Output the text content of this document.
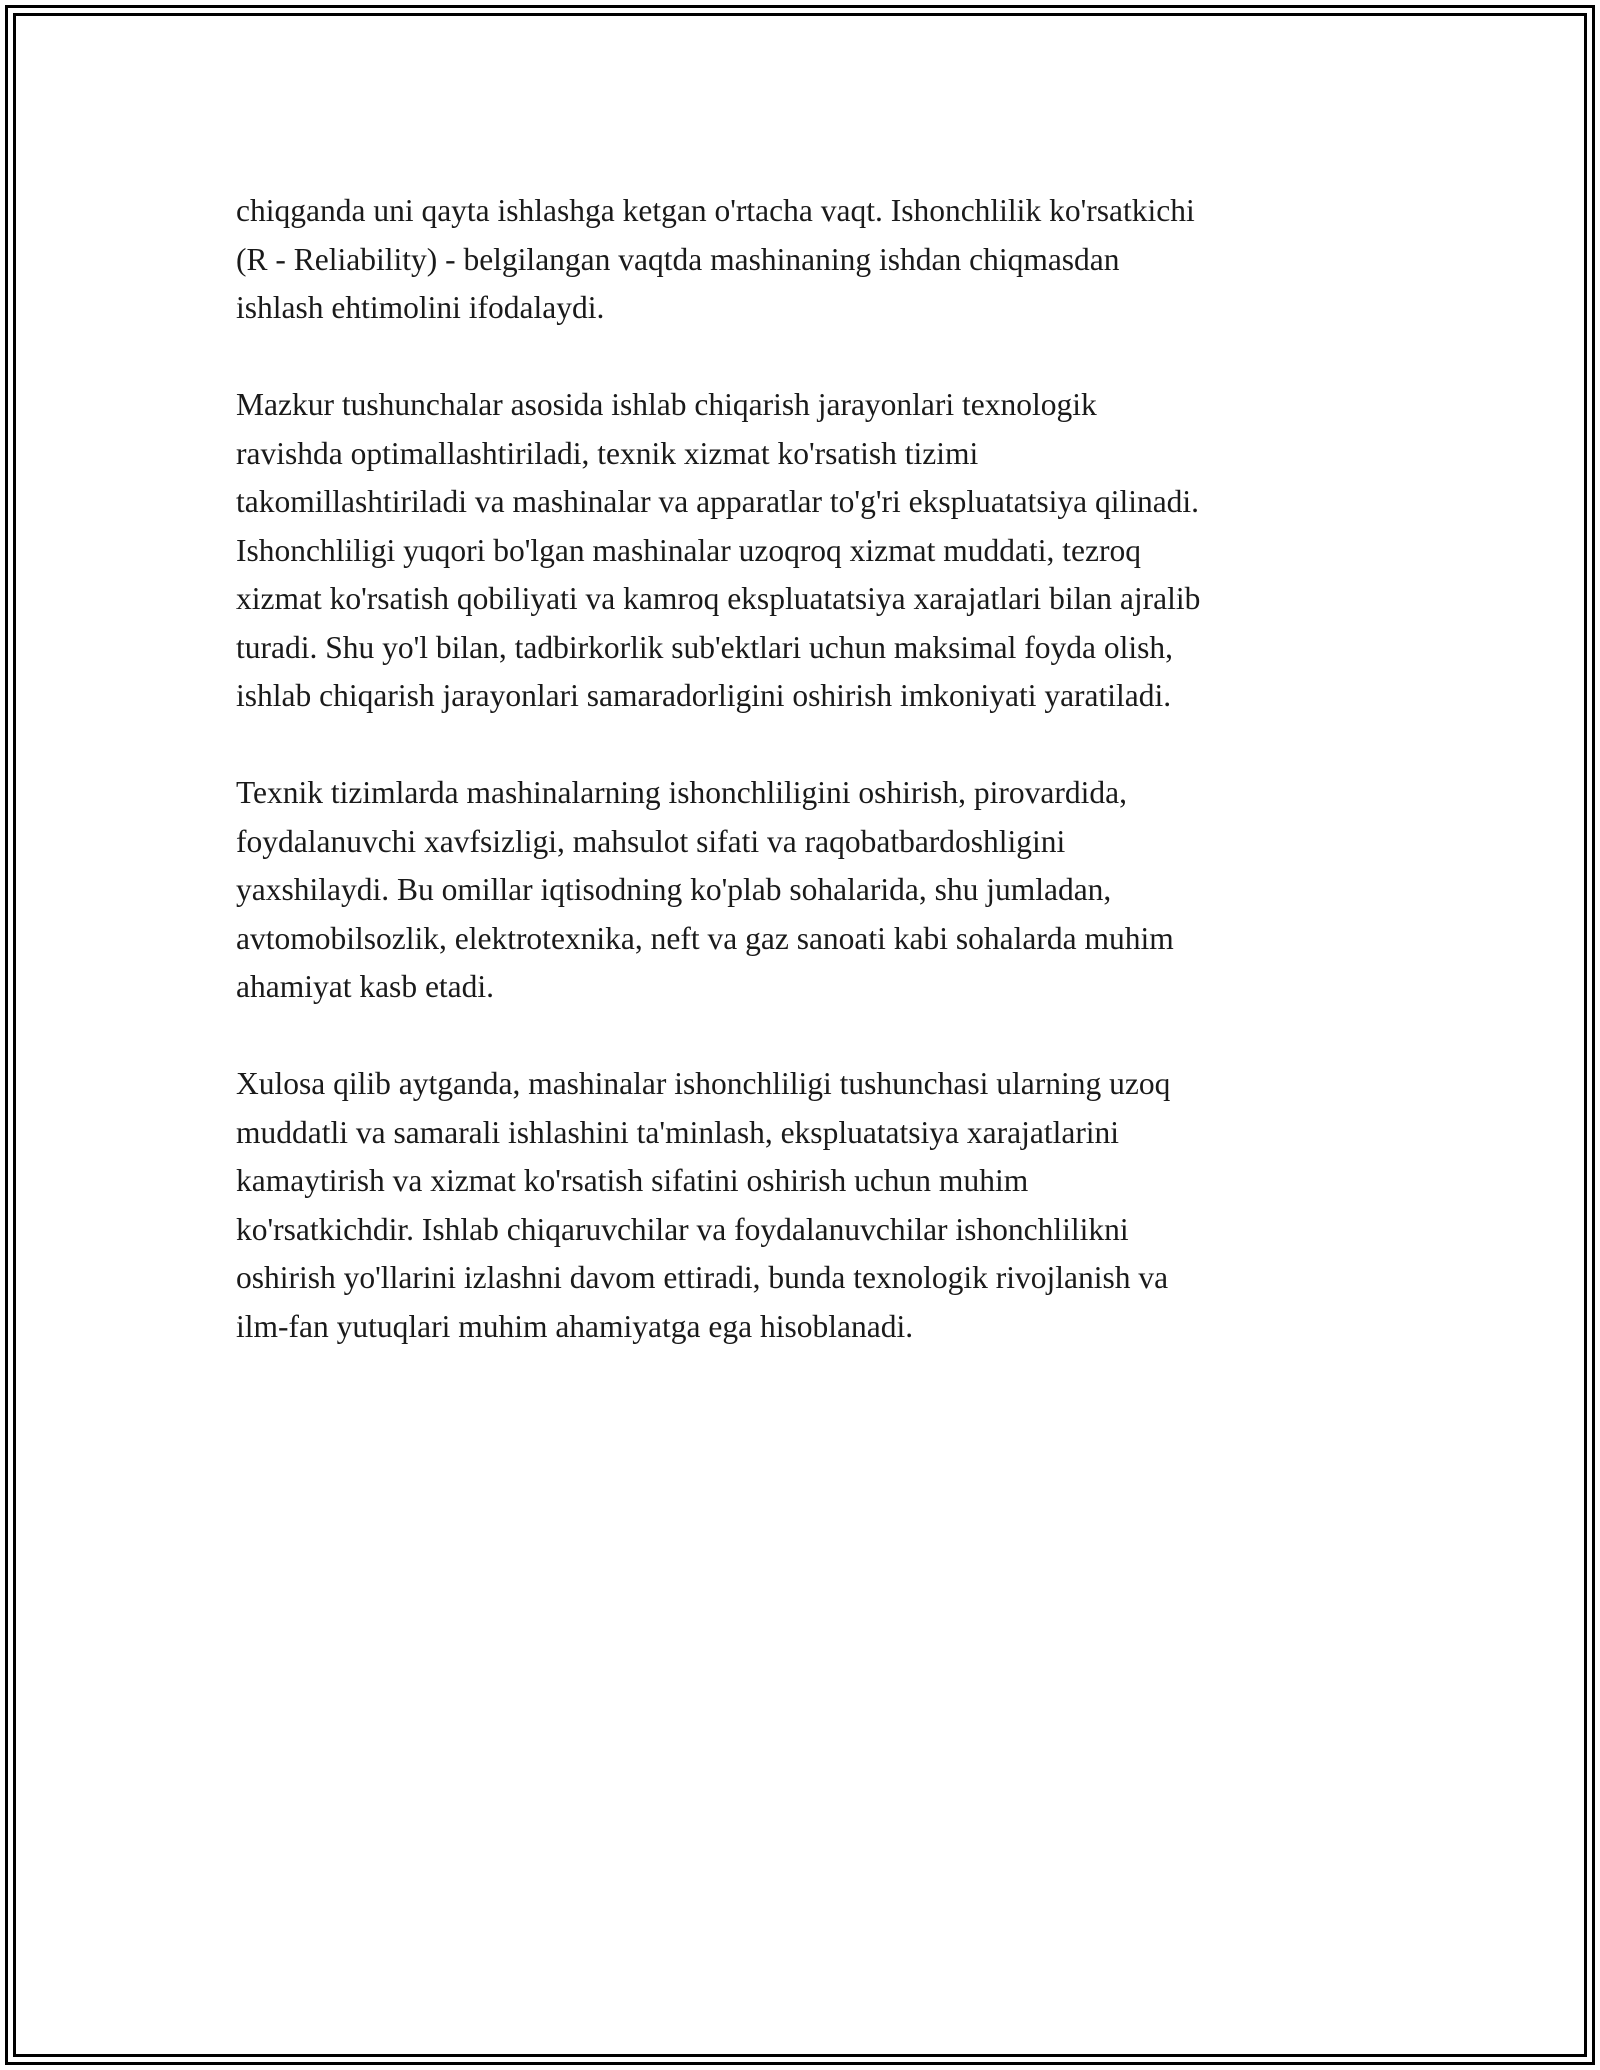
chiqganda uni qayta ishlashga ketgan o'rtacha vaqt. Ishonchlilik ko'rsatkichi
(R - Reliability) - belgilangan vaqtda mashinaning ishdan chiqmasdan
ishlash ehtimolini ifodalaydi.

Mazkur tushunchalar asosida ishlab chiqarish jarayonlari texnologik
ravishda optimallashtiriladi, texnik xizmat ko'rsatish tizimi
takomillashtiriladi va mashinalar va apparatlar to'g'ri ekspluatatsiya qilinadi.
Ishonchliligi yuqori bo'lgan mashinalar uzoqroq xizmat muddati, tezroq
xizmat ko'rsatish qobiliyati va kamroq ekspluatatsiya xarajatlari bilan ajralib
turadi. Shu yo'l bilan, tadbirkorlik sub'ektlari uchun maksimal foyda olish,
ishlab chiqarish jarayonlari samaradorligini oshirish imkoniyati yaratiladi.

Texnik tizimlarda mashinalarning ishonchliligini oshirish, pirovardida,
foydalanuvchi xavfsizligi, mahsulot sifati va raqobatbardoshligini
yaxshilaydi. Bu omillar iqtisodning ko'plab sohalarida, shu jumladan,
avtomobilsozlik, elektrotexnika, neft va gaz sanoati kabi sohalarda muhim
ahamiyat kasb etadi.

Xulosa qilib aytganda, mashinalar ishonchliligi tushunchasi ularning uzoq
muddatli va samarali ishlashini ta'minlash, ekspluatatsiya xarajatlarini
kamaytirish va xizmat ko'rsatish sifatini oshirish uchun muhim
ko'rsatkichdir. Ishlab chiqaruvchilar va foydalanuvchilar ishonchlilikni
oshirish yo'llarini izlashni davom ettiradi, bunda texnologik rivojlanish va
ilm-fan yutuqlari muhim ahamiyatga ega hisoblanadi.
